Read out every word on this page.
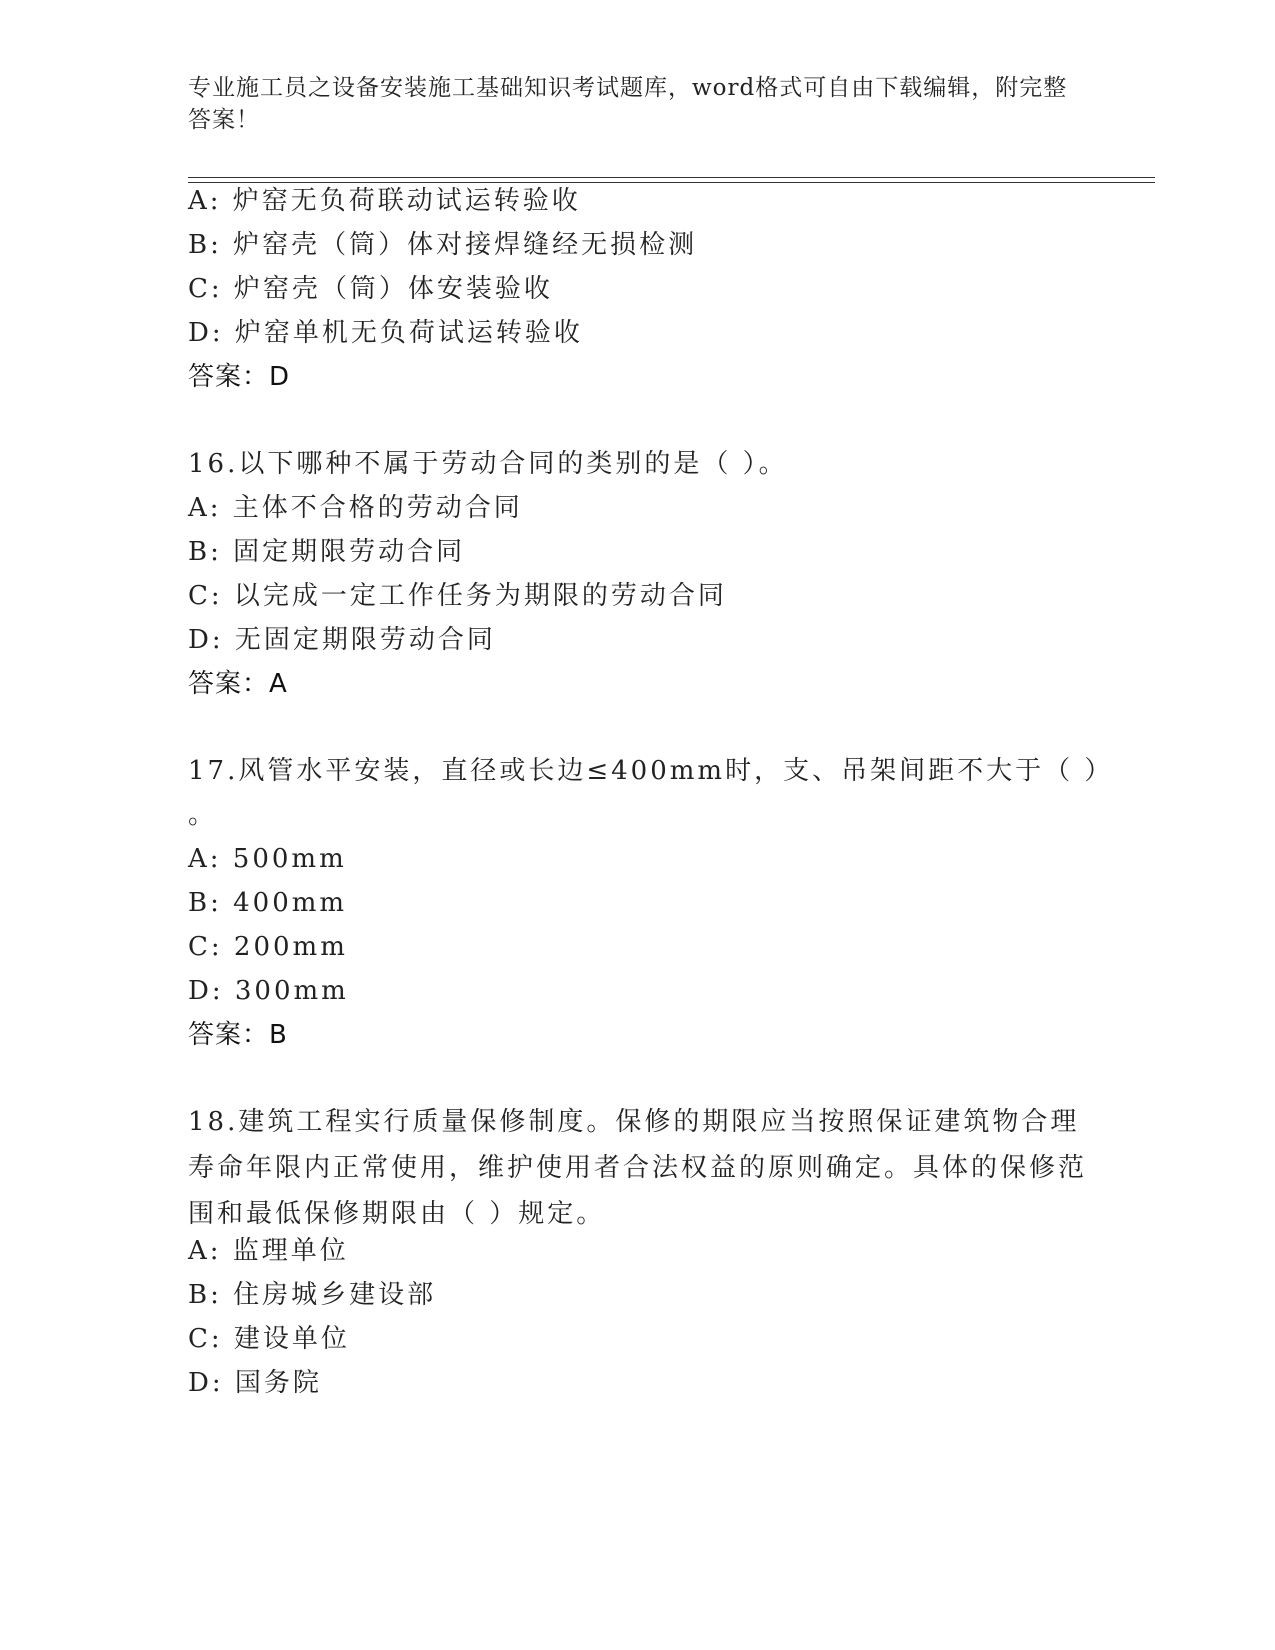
专业施工员之设备安装施工基础知识考试题库，word格式可自由下载编辑，附完整答案！
A: 炉窑无负荷联动试运转验收
B: 炉窑壳（筒）体对接焊缝经无损检测
C: 炉窑壳（筒）体安装验收
D: 炉窑单机无负荷试运转验收
答案：D
16.以下哪种不属于劳动合同的类别的是（ ）。
A: 主体不合格的劳动合同
B: 固定期限劳动合同
C: 以完成一定工作任务为期限的劳动合同
D: 无固定期限劳动合同
答案：A
17.风管水平安装，直径或长边≤400mm时，支、吊架间距不大于（ ）
。
A: 500mm
B: 400mm
C: 200mm
D: 300mm
答案：B
18.建筑工程实行质量保修制度。保修的期限应当按照保证建筑物合理寿命年限内正常使用，维护使用者合法权益的原则确定。具体的保修范围和最低保修期限由（ ）规定。
A: 监理单位
B: 住房城乡建设部
C: 建设单位
D: 国务院
